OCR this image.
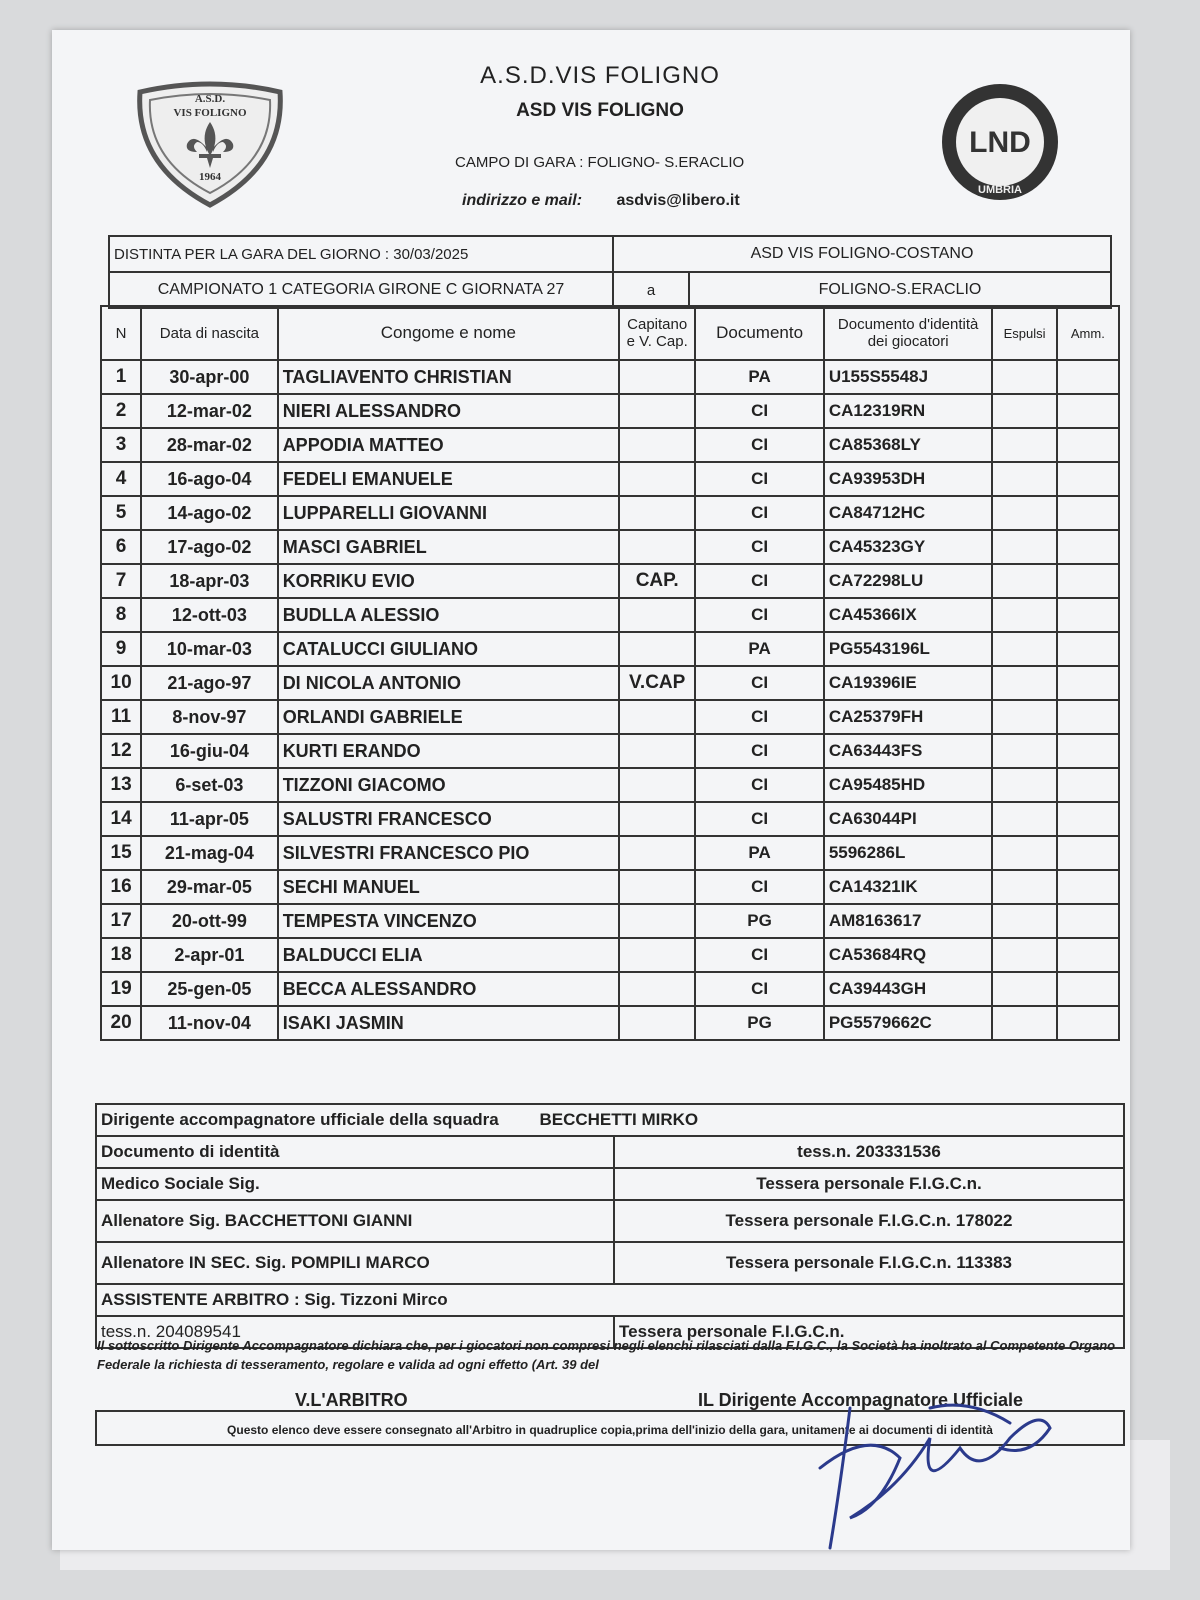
A.S.D.
VIS FOLIGNO
1964
LND
UMBRIA
A.S.D.VIS FOLIGNO
ASD VIS FOLIGNO
CAMPO DI GARA : FOLIGNO- S.ERACLIO
indirizzo e mail: asdvis@libero.it
DISTINTA PER LA GARA DEL GIORNO : 30/03/2025	ASD VIS FOLIGNO-COSTANO	
CAMPIONATO 1 CATEGORIA GIRONE C GIORNATA 27	a	FOLIGNO-S.ERACLIO
N	Data di nascita	Congome e nome	Capitano e V. Cap.	Documento	Documento d'identità dei giocatori	Espulsi	Amm.
1	30-apr-00	TAGLIAVENTO CHRISTIAN		PA	U155S5548J		
2	12-mar-02	NIERI ALESSANDRO		CI	CA12319RN		
3	28-mar-02	APPODIA MATTEO		CI	CA85368LY		
4	16-ago-04	FEDELI EMANUELE		CI	CA93953DH		
5	14-ago-02	LUPPARELLI GIOVANNI		CI	CA84712HC		
6	17-ago-02	MASCI GABRIEL		CI	CA45323GY		
7	18-apr-03	KORRIKU EVIO	CAP.	CI	CA72298LU		
8	12-ott-03	BUDLLA ALESSIO		CI	CA45366IX		
9	10-mar-03	CATALUCCI GIULIANO		PA	PG5543196L		
10	21-ago-97	DI NICOLA ANTONIO	V.CAP	CI	CA19396IE		
11	8-nov-97	ORLANDI GABRIELE		CI	CA25379FH		
12	16-giu-04	KURTI ERANDO		CI	CA63443FS		
13	6-set-03	TIZZONI GIACOMO		CI	CA95485HD		
14	11-apr-05	SALUSTRI FRANCESCO		CI	CA63044PI		
15	21-mag-04	SILVESTRI FRANCESCO PIO		PA	5596286L		
16	29-mar-05	SECHI MANUEL		CI	CA14321IK		
17	20-ott-99	TEMPESTA VINCENZO		PG	AM8163617		
18	2-apr-01	BALDUCCI ELIA		CI	CA53684RQ		
19	25-gen-05	BECCA ALESSANDRO		CI	CA39443GH		
20	11-nov-04	ISAKI JASMIN		PG	PG5579662C		
Dirigente accompagnatore ufficiale della squadra BECCHETTI MIRKO	
Documento di identità	tess.n. 203331536
Medico Sociale Sig.	Tessera personale F.I.G.C.n.
Allenatore Sig. BACCHETTONI GIANNI	Tessera personale F.I.G.C.n. 178022
Allenatore IN SEC. Sig. POMPILI MARCO	Tessera personale F.I.G.C.n. 113383
ASSISTENTE ARBITRO : Sig. Tizzoni Mirco	
tess.n. 204089541	Tessera personale F.I.G.C.n.
Il sottoscritto Dirigente Accompagnatore dichiara che, per i giocatori non compresi negli elenchi rilasciati dalla F.I.G.C., la Società ha inoltrato al Competente Organo Federale la richiesta di tesseramento, regolare e valida ad ogni effetto (Art. 39 del
V.L'ARBITRO	IL Dirigente Accompagnatore Ufficiale
Questo elenco deve essere consegnato all'Arbitro in quadruplice copia,prima dell'inizio della gara, unitamente ai documenti di identità
